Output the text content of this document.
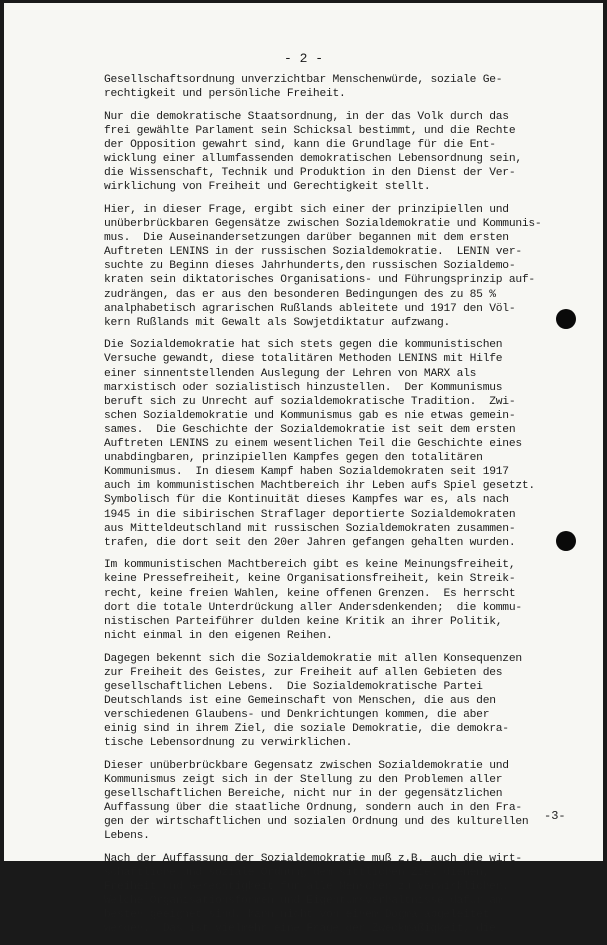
- 2 -
Gesellschaftsordnung unverzichtbar Menschenwürde, soziale Ge-
rechtigkeit und persönliche Freiheit.
Nur die demokratische Staatsordnung, in der das Volk durch das
frei gewählte Parlament sein Schicksal bestimmt, und die Rechte
der Opposition gewahrt sind, kann die Grundlage für die Ent-
wicklung einer allumfassenden demokratischen Lebensordnung sein,
die Wissenschaft, Technik und Produktion in den Dienst der Ver-
wirklichung von Freiheit und Gerechtigkeit stellt.
Hier, in dieser Frage, ergibt sich einer der prinzipiellen und
unüberbrückbaren Gegensätze zwischen Sozialdemokratie und Kommunis-
mus.  Die Auseinandersetzungen darüber begannen mit dem ersten
Auftreten LENINS in der russischen Sozialdemokratie.  LENIN ver-
suchte zu Beginn dieses Jahrhunderts,den russischen Sozialdemo-
kraten sein diktatorisches Organisations- und Führungsprinzip auf-
zudrängen, das er aus den besonderen Bedingungen des zu 85 %
analphabetisch agrarischen Rußlands ableitete und 1917 den Völ-
kern Rußlands mit Gewalt als Sowjetdiktatur aufzwang.
Die Sozialdemokratie hat sich stets gegen die kommunistischen
Versuche gewandt, diese totalitären Methoden LENINS mit Hilfe
einer sinnentstellenden Auslegung der Lehren von MARX als
marxistisch oder sozialistisch hinzustellen.  Der Kommunismus
beruft sich zu Unrecht auf sozialdemokratische Tradition.  Zwi-
schen Sozialdemokratie und Kommunismus gab es nie etwas gemein-
sames.  Die Geschichte der Sozialdemokratie ist seit dem ersten
Auftreten LENINS zu einem wesentlichen Teil die Geschichte eines
unabdingbaren, prinzipiellen Kampfes gegen den totalitären
Kommunismus.  In diesem Kampf haben Sozialdemokraten seit 1917
auch im kommunistischen Machtbereich ihr Leben aufs Spiel gesetzt.
Symbolisch für die Kontinuität dieses Kampfes war es, als nach
1945 in die sibirischen Straflager deportierte Sozialdemokraten
aus Mitteldeutschland mit russischen Sozialdemokraten zusammen-
trafen, die dort seit den 20er Jahren gefangen gehalten wurden.
Im kommunistischen Machtbereich gibt es keine Meinungsfreiheit,
keine Pressefreiheit, keine Organisationsfreiheit, kein Streik-
recht, keine freien Wahlen, keine offenen Grenzen.  Es herrscht
dort die totale Unterdrückung aller Andersdenkenden;  die kommu-
nistischen Parteiführer dulden keine Kritik an ihrer Politik,
nicht einmal in den eigenen Reihen.
Dagegen bekennt sich die Sozialdemokratie mit allen Konsequenzen
zur Freiheit des Geistes, zur Freiheit auf allen Gebieten des
gesellschaftlichen Lebens.  Die Sozialdemokratische Partei
Deutschlands ist eine Gemeinschaft von Menschen, die aus den
verschiedenen Glaubens- und Denkrichtungen kommen, die aber
einig sind in ihrem Ziel, die soziale Demokratie, die demokra-
tische Lebensordnung zu verwirklichen.
Dieser unüberbrückbare Gegensatz zwischen Sozialdemokratie und
Kommunismus zeigt sich in der Stellung zu den Problemen aller
gesellschaftlichen Bereiche, nicht nur in der gegensätzlichen
Auffassung über die staatliche Ordnung, sondern auch in den Fra-
gen der wirtschaftlichen und sozialen Ordnung und des kulturellen
Lebens.
Nach der Auffassung der Sozialdemokratie muß z.B. auch die wirt-
schaftliche und soziale Ordnung dem sittlichen Ziel dienen,
Freiheit und Gerechtigkeit für alle Menschen zu verwirklichen.
Welche Organisationsformen und Eigentumsverhältnisse dafür am
besten geeignet sind, kann nicht von einem Dogma abgeleitet
werden.  Das ist vielmehr eine Frage der Zweckmäßigkeit, die
-3-
